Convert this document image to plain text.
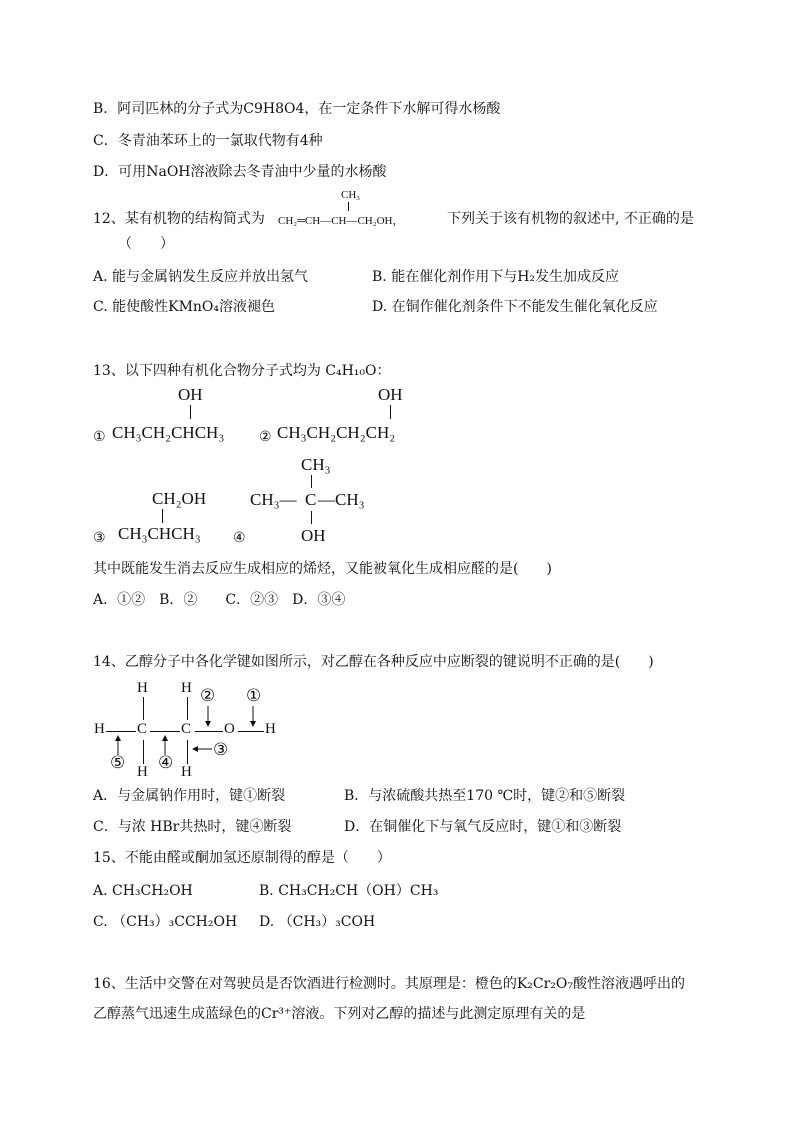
B．阿司匹林的分子式为C9H8O4，在一定条件下水解可得水杨酸
C．冬青油苯环上的一氯取代物有4种
D．可用NaOH溶液除去冬青油中少量的水杨酸
12、某有机物的结构简式为
CH₃
CH₂═CH—CH—CH₂OH，	下列关于该有机物的叙述中, 不正确的是
（　　）
A. 能与金属钠发生反应并放出氢气	B. 能在催化剂作用下与H₂发生加成反应
C. 能使酸性KMnO₄溶液褪色	D. 在铜作催化剂条件下不能发生催化氧化反应
13、以下四种有机化合物分子式均为 C₄H₁₀O：
OH
① CH₃CH₂CHCH₃
OH
② CH₃CH₂CH₂CH₂
CH₂OH
③ CH₃CHCH₃
CH₃
④
CH₃— C —CH₃
OH
其中既能发生消去反应生成相应的烯烃，又能被氧化生成相应醛的是(　　)
A．①②　B．②　　C．②③　D．③④
14、乙醇分子中各化学键如图所示，对乙醇在各种反应中应断裂的键说明不正确的是(　　)
H C
H
H
C
H
H
O H
①
②
③
④
⑤
A．与金属钠作用时，键①断裂	B．与浓硫酸共热至170 ℃时，键②和⑤断裂
C．与浓 HBr共热时，键④断裂	D．在铜催化下与氧气反应时，键①和③断裂
15、不能由醛或酮加氢还原制得的醇是（　　）
A. CH₃CH₂OH	B. CH₃CH₂CH（OH）CH₃
C. （CH₃）₃CCH₂OH D. （CH₃）₃COH
16、生活中交警在对驾驶员是否饮酒进行检测时。其原理是：橙色的K₂Cr₂O₇酸性溶液遇呼出的
乙醇蒸气迅速生成蓝绿色的Cr³⁺溶液。下列对乙醇的描述与此测定原理有关的是
